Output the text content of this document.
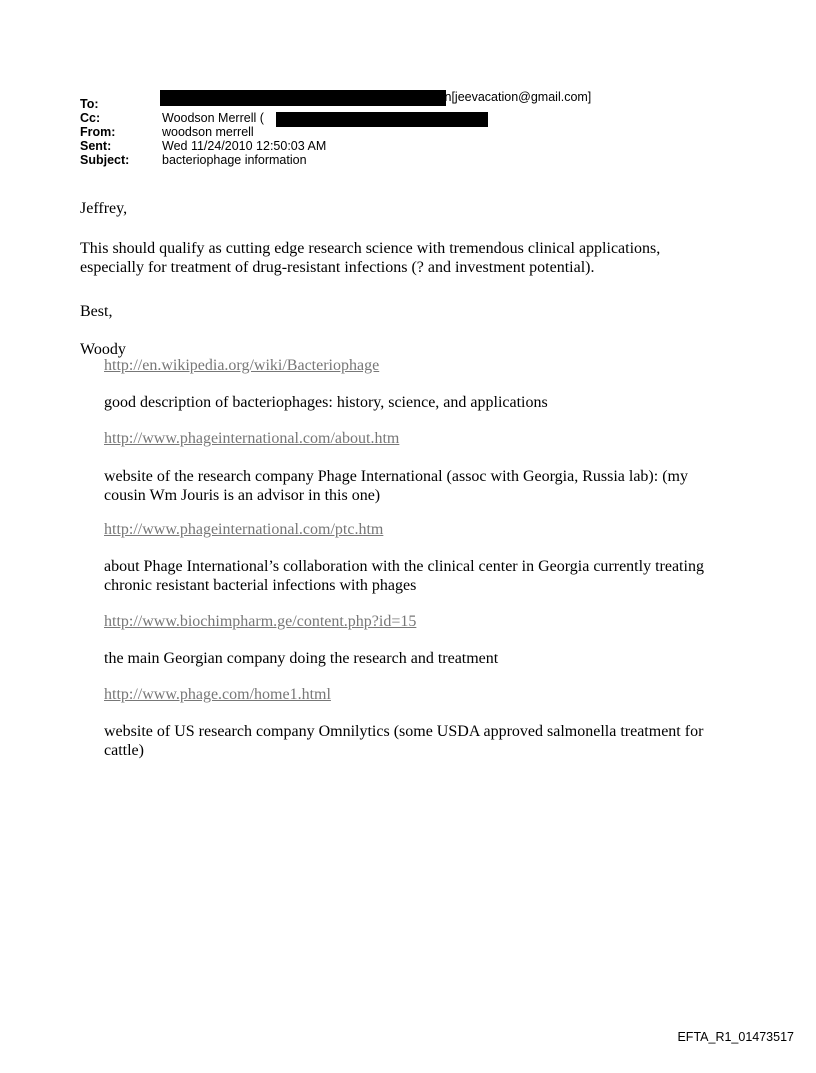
To:	Jeffrey Epstein[jeevacation@gmail.com]
Cc:	Woodson Merrell (
From:	woodson merrell
Sent:	Wed 11/24/2010 12:50:03 AM
Subject:	bacteriophage information
Jeffrey,
This should qualify as cutting edge research science with tremendous clinical applications, especially for treatment of drug-resistant infections (? and investment potential).
Best,
Woody
http://en.wikipedia.org/wiki/Bacteriophage
good description of bacteriophages: history, science, and applications
http://www.phageinternational.com/about.htm
website of the research company Phage International (assoc with Georgia, Russia lab): (my cousin Wm Jouris is an advisor in this one)
http://www.phageinternational.com/ptc.htm
about Phage International’s collaboration with the clinical center in Georgia currently treating chronic resistant bacterial infections with phages
http://www.biochimpharm.ge/content.php?id=15
the main Georgian company doing the research and treatment
http://www.phage.com/home1.html
website of US research company Omnilytics (some USDA approved salmonella treatment for cattle)
EFTA_R1_01473517
